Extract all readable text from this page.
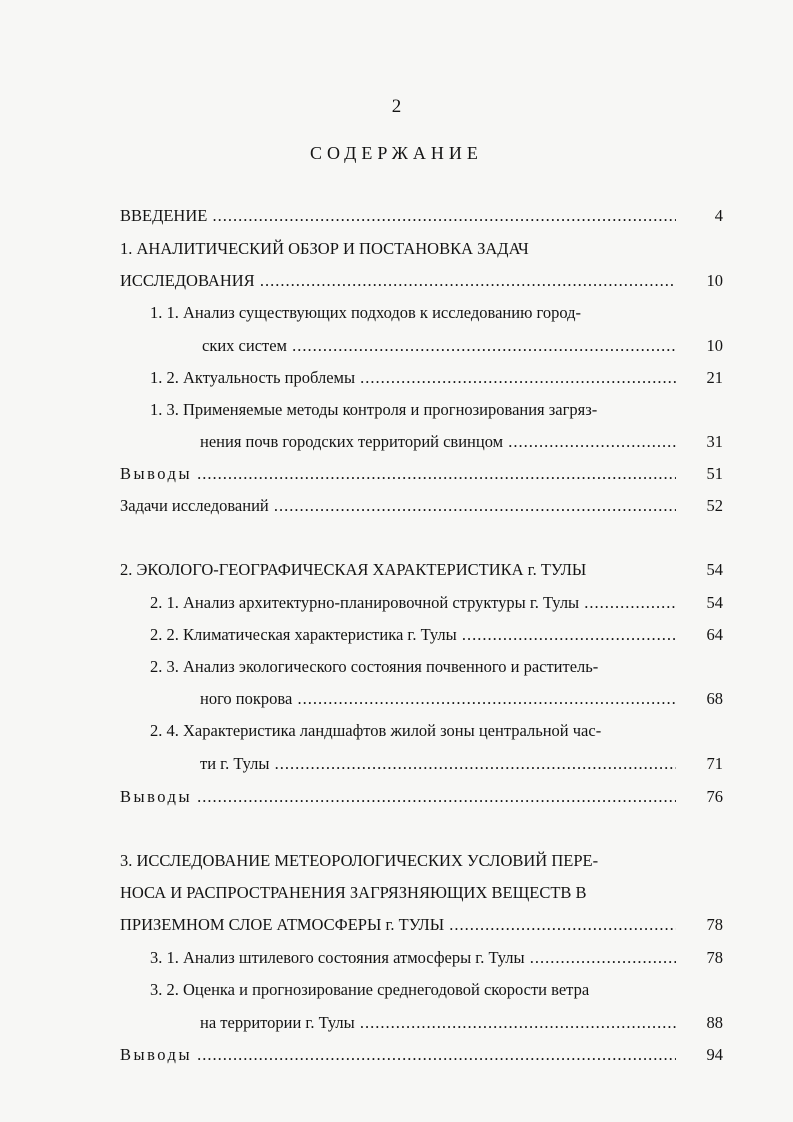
2
СОДЕРЖАНИЕ
ВВЕДЕНИЕ .....	4
1. АНАЛИТИЧЕСКИЙ ОБЗОР И ПОСТАНОВКА ЗАДАЧ
ИССЛЕДОВАНИЯ .....	10
1. 1. Анализ существующих подходов к исследованию город-
ских систем .....	10
1. 2. Актуальность проблемы .....	21
1. 3. Применяемые методы контроля и прогнозирования загряз-
нения почв городских территорий свинцом .....	31
Выводы .....	51
Задачи исследований .....	52
2. ЭКОЛОГО-ГЕОГРАФИЧЕСКАЯ ХАРАКТЕРИСТИКА г. ТУЛЫ	54
2. 1. Анализ архитектурно-планировочной структуры г. Тулы .....	54
2. 2. Климатическая характеристика г. Тулы .....	64
2. 3. Анализ экологического состояния почвенного и раститель-
ного покрова .....	68
2. 4. Характеристика ландшафтов жилой зоны центральной час-
ти г. Тулы .....	71
Выводы .....	76
3. ИССЛЕДОВАНИЕ МЕТЕОРОЛОГИЧЕСКИХ УСЛОВИЙ ПЕРЕ-
НОСА И РАСПРОСТРАНЕНИЯ ЗАГРЯЗНЯЮЩИХ ВЕЩЕСТВ В
ПРИЗЕМНОМ СЛОЕ АТМОСФЕРЫ г. ТУЛЫ .....	78
3. 1. Анализ штилевого состояния атмосферы г. Тулы .....	78
3. 2. Оценка и прогнозирование среднегодовой скорости ветра
на территории г. Тулы .....	88
Выводы .....	94
